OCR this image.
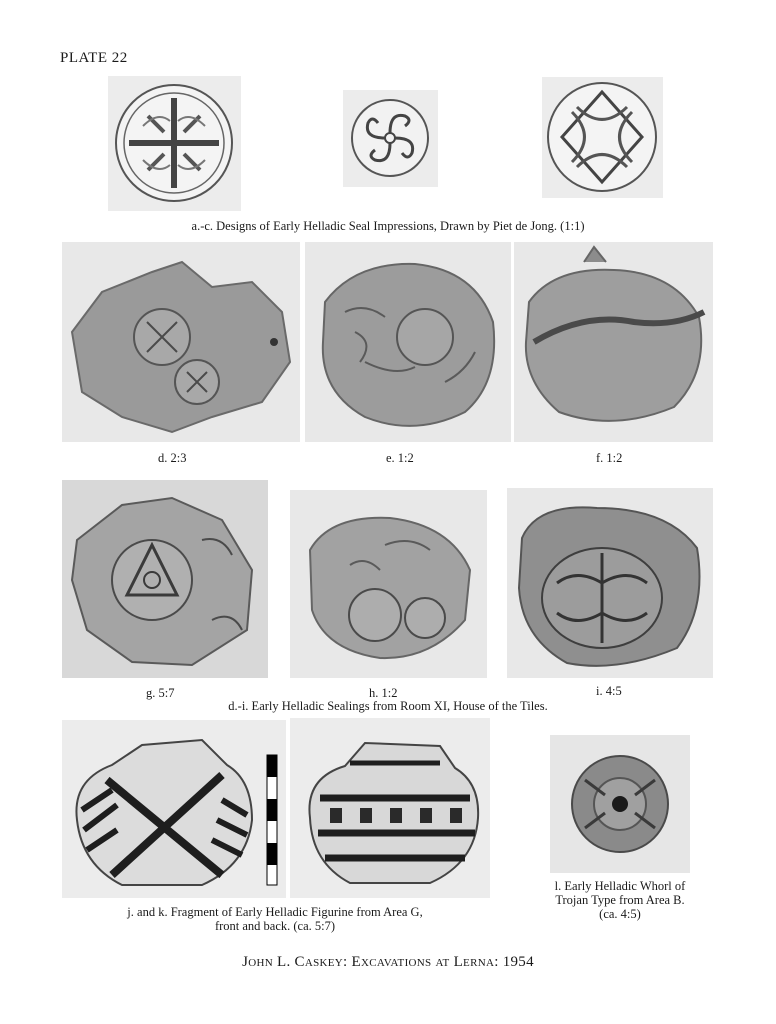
PLATE 22
a.-c. Designs of Early Helladic Seal Impressions, Drawn by Piet de Jong. (1:1)
d. 2:3	e. 1:2	f. 1:2
g. 5:7	h. 1:2	i. 4:5
d.-i. Early Helladic Sealings from Room XI, House of the Tiles.
j. and k. Fragment of Early Helladic Figurine from Area G,
front and back. (ca. 5:7)
l. Early Helladic Whorl of
Trojan Type from Area B.
(ca. 4:5)
John L. Caskey: Excavations at Lerna: 1954
